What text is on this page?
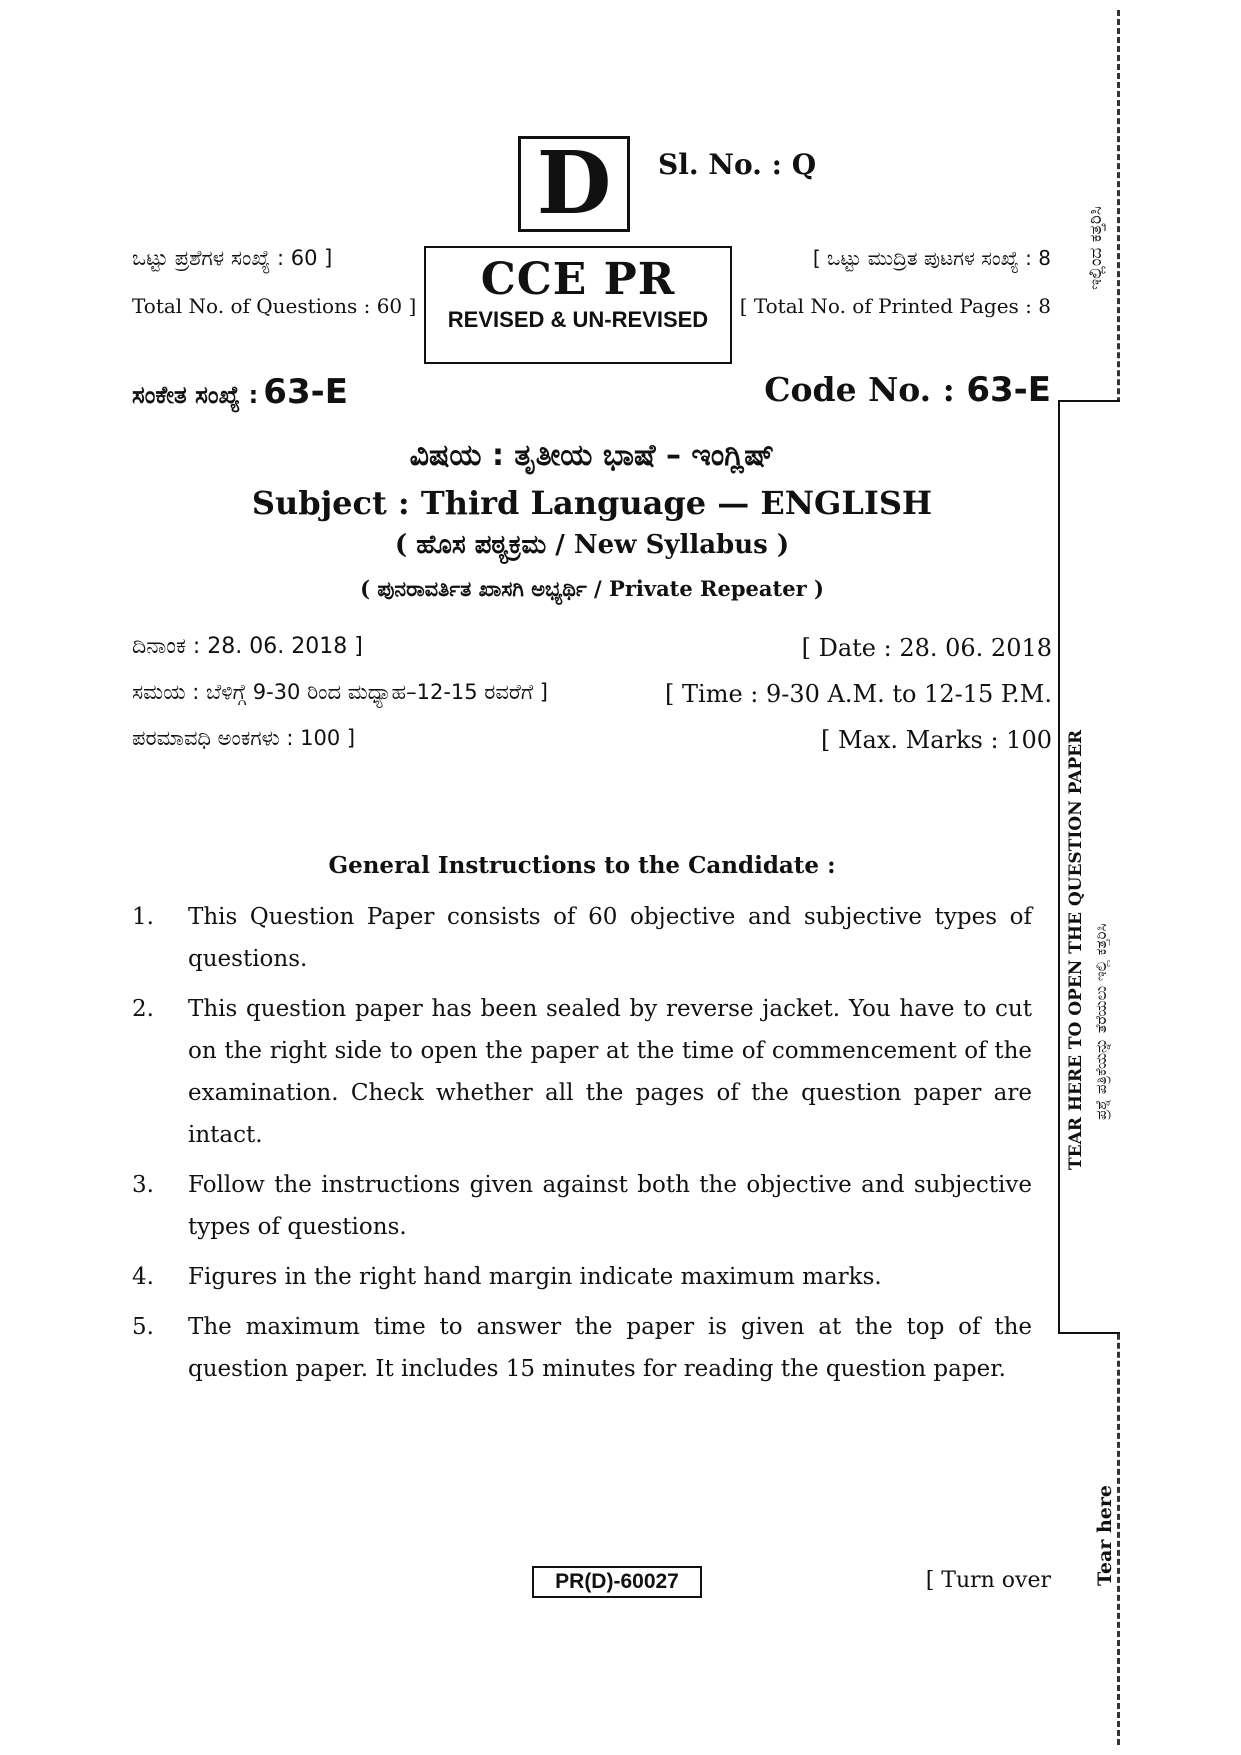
D Sl. No. : Q
ಒಟ್ಟು ಪ್ರಶೆಗಳ ಸಂಖ್ಯೆ : 60 ]
Total No. of Questions : 60 ]
[ ಒಟ್ಟು ಮುದ್ರಿತ ಪುಟಗಳ ಸಂಖ್ಯೆ : 8
[ Total No. of Printed Pages : 8
CCE PR
REVISED & UN-REVISED
ಸಂಕೇತ ಸಂಖ್ಯೆ : 63-E	Code No. : 63-E
ವಿಷಯ : ತೃತೀಯ ಭಾಷೆ – ಇಂಗ್ಲಿಷ್
Subject : Third Language — ENGLISH
( ಹೊಸ ಪಠ್ಯಕ್ರಮ / New Syllabus )
( ಪುನರಾವರ್ತಿತ ಖಾಸಗಿ ಅಭ್ಯರ್ಥಿ / Private Repeater )
ದಿನಾಂಕ : 28. 06. 2018 ]	[ Date : 28. 06. 2018
ಸಮಯ : ಬೆಳಿಗ್ಗೆ 9-30 ರಿಂದ ಮಧ್ಯಾಹ–12-15 ರವರೆಗೆ ]	[ Time : 9-30 A.M. to 12-15 P.M.
ಪರಮಾವಧಿ ಅಂಕಗಳು : 100 ]	[ Max. Marks : 100
General Instructions to the Candidate :
1.	This Question Paper consists of 60 objective and subjective types of questions.
2.	This question paper has been sealed by reverse jacket. You have to cut on the right side to open the paper at the time of commencement of the examination. Check whether all the pages of the question paper are intact.
3.	Follow the instructions given against both the objective and subjective types of questions.
4.	Figures in the right hand margin indicate maximum marks.
5.	The maximum time to answer the paper is given at the top of the question paper. It includes 15 minutes for reading the question paper.
PR(D)-60027	[ Turn over
ಇಲ್ಲಿಂದ ಕತ್ತರಿಸಿ
TEAR HERE TO OPEN THE QUESTION PAPER ಪ್ರಶ್ನೆ ಪತ್ರಿಕೆಯನ್ನು ತೆರೆಯಲು ಇಲ್ಲಿ ಕತ್ತರಿಸಿ
Tear here
